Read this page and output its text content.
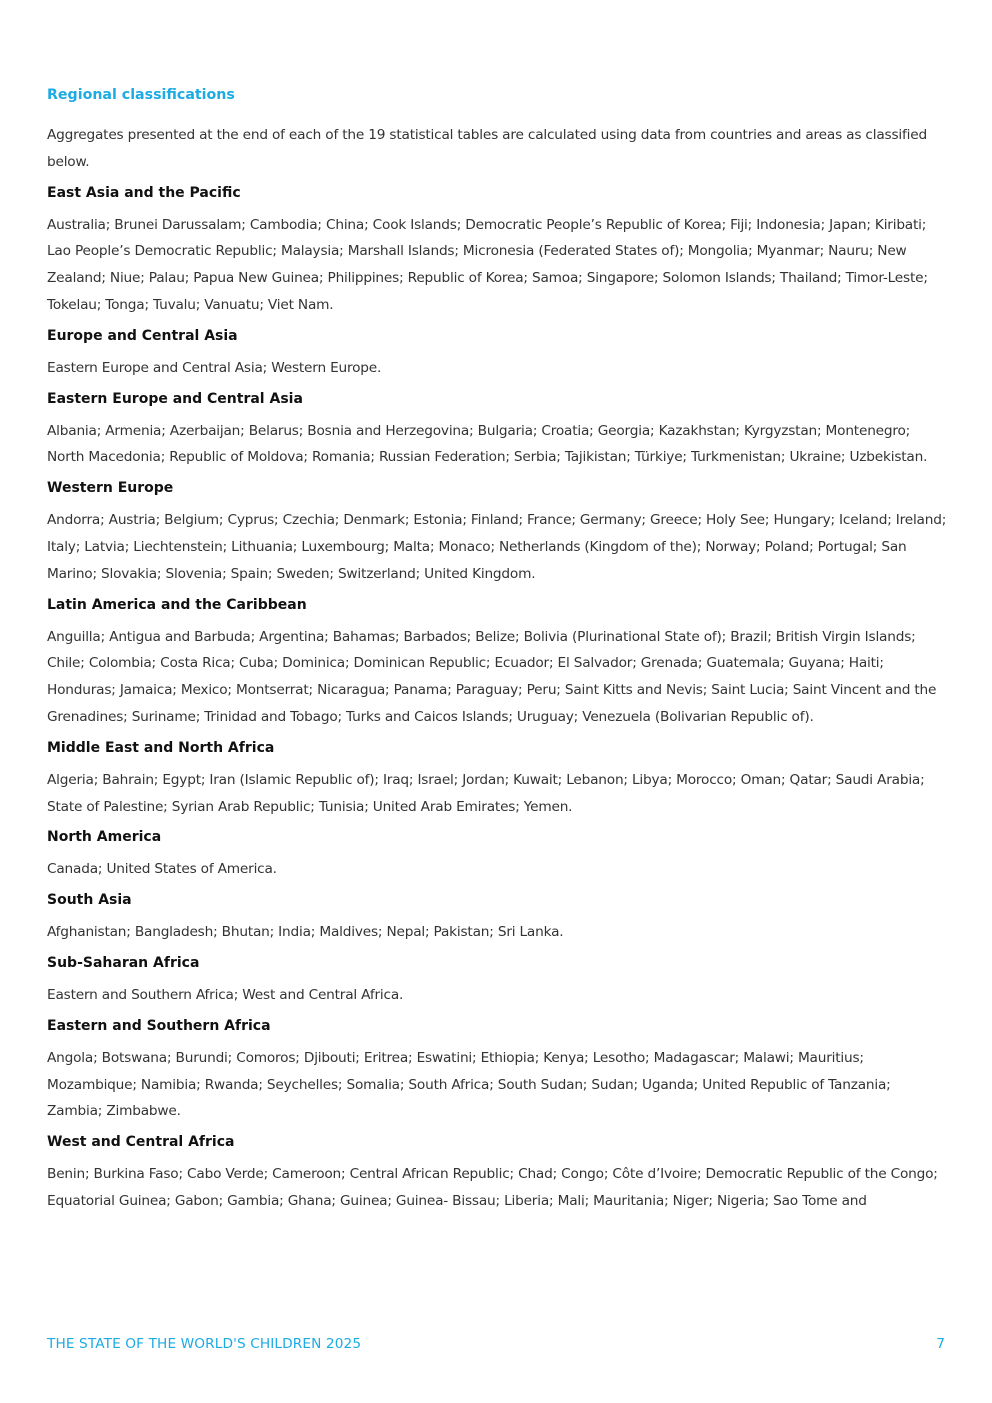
Regional classifications

Aggregates presented at the end of each of the 19 statistical tables are calculated using data from countries and areas as classified below.

East Asia and the Pacific

Australia; Brunei Darussalam; Cambodia; China; Cook Islands; Democratic People’s Republic of Korea; Fiji; Indonesia; Japan; Kiribati; Lao People’s Democratic Republic; Malaysia; Marshall Islands; Micronesia (Federated States of); Mongolia; Myanmar; Nauru; New Zealand; Niue; Palau; Papua New Guinea; Philippines; Republic of Korea; Samoa; Singapore; Solomon Islands; Thailand; Timor-Leste; Tokelau; Tonga; Tuvalu; Vanuatu; Viet Nam.

Europe and Central Asia

Eastern Europe and Central Asia; Western Europe.

Eastern Europe and Central Asia

Albania; Armenia; Azerbaijan; Belarus; Bosnia and Herzegovina; Bulgaria; Croatia; Georgia; Kazakhstan; Kyrgyzstan; Montenegro; North Macedonia; Republic of Moldova; Romania; Russian Federation; Serbia; Tajikistan; Türkiye; Turkmenistan; Ukraine; Uzbekistan.

Western Europe

Andorra; Austria; Belgium; Cyprus; Czechia; Denmark; Estonia; Finland; France; Germany; Greece; Holy See; Hungary; Iceland; Ireland; Italy; Latvia; Liechtenstein; Lithuania; Luxembourg; Malta; Monaco; Netherlands (Kingdom of the); Norway; Poland; Portugal; San Marino; Slovakia; Slovenia; Spain; Sweden; Switzerland; United Kingdom.

Latin America and the Caribbean

Anguilla; Antigua and Barbuda; Argentina; Bahamas; Barbados; Belize; Bolivia (Plurinational State of); Brazil; British Virgin Islands; Chile; Colombia; Costa Rica; Cuba; Dominica; Dominican Republic; Ecuador; El Salvador; Grenada; Guatemala; Guyana; Haiti; Honduras; Jamaica; Mexico; Montserrat; Nicaragua; Panama; Paraguay; Peru; Saint Kitts and Nevis; Saint Lucia; Saint Vincent and the Grenadines; Suriname; Trinidad and Tobago; Turks and Caicos Islands; Uruguay; Venezuela (Bolivarian Republic of).

Middle East and North Africa

Algeria; Bahrain; Egypt; Iran (Islamic Republic of); Iraq; Israel; Jordan; Kuwait; Lebanon; Libya; Morocco; Oman; Qatar; Saudi Arabia; State of Palestine; Syrian Arab Republic; Tunisia; United Arab Emirates; Yemen.

North America

Canada; United States of America.

South Asia

Afghanistan; Bangladesh; Bhutan; India; Maldives; Nepal; Pakistan; Sri Lanka.

Sub-Saharan Africa

Eastern and Southern Africa; West and Central Africa.

Eastern and Southern Africa

Angola; Botswana; Burundi; Comoros; Djibouti; Eritrea; Eswatini; Ethiopia; Kenya; Lesotho; Madagascar; Malawi; Mauritius; Mozambique; Namibia; Rwanda; Seychelles; Somalia; South Africa; South Sudan; Sudan; Uganda; United Republic of Tanzania; Zambia; Zimbabwe.

West and Central Africa

Benin; Burkina Faso; Cabo Verde; Cameroon; Central African Republic; Chad; Congo; Côte d’Ivoire; Democratic Republic of the Congo; Equatorial Guinea; Gabon; Gambia; Ghana; Guinea; Guinea- Bissau; Liberia; Mali; Mauritania; Niger; Nigeria; Sao Tome and

THE STATE OF THE WORLD'S CHILDREN 2025	7
